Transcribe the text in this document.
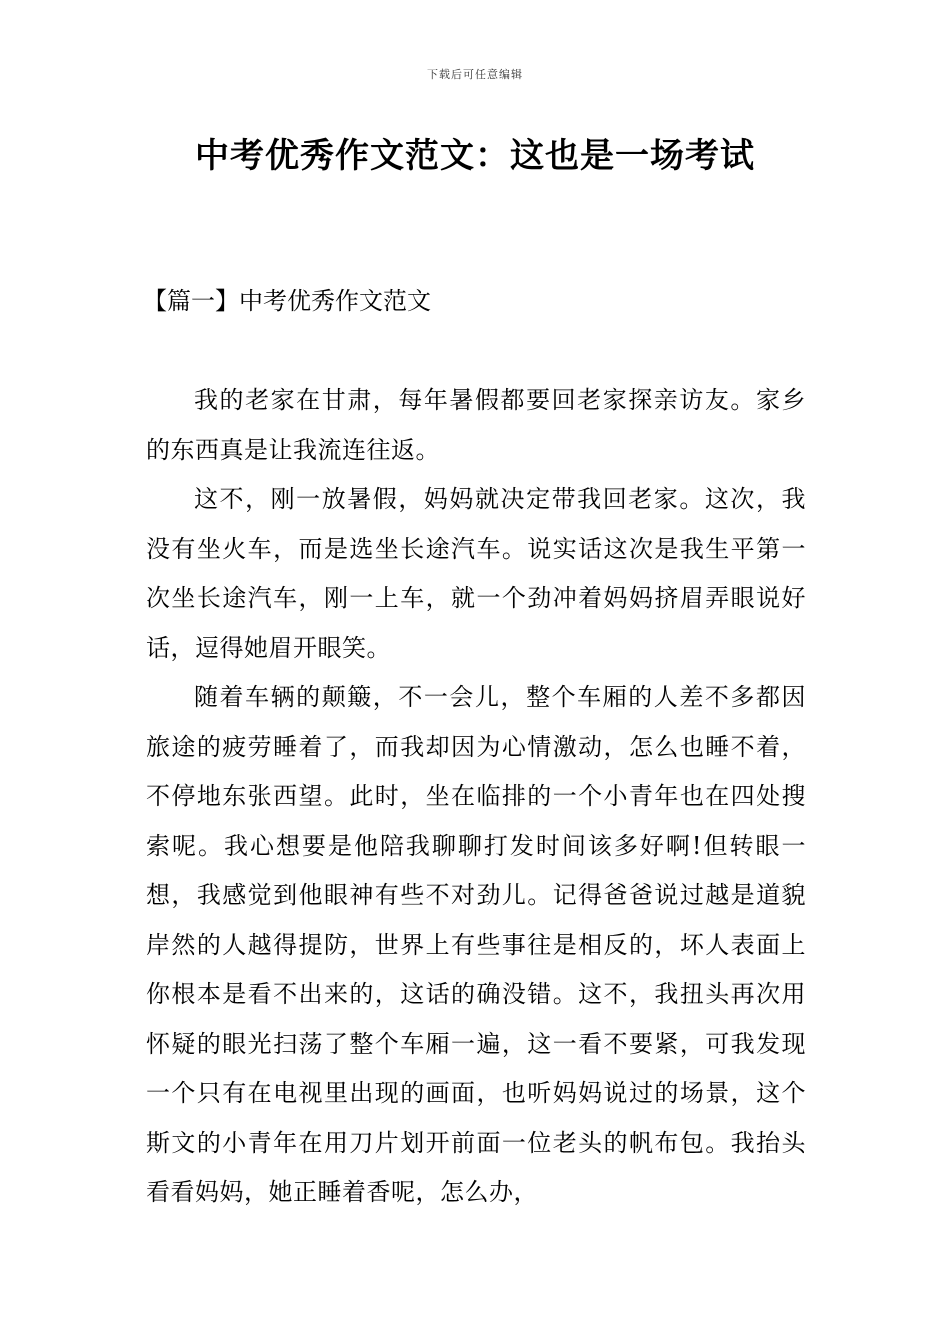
下载后可任意编辑
中考优秀作文范文：这也是一场考试
【篇一】中考优秀作文范文

我的老家在甘肃，每年暑假都要回老家探亲访友。家乡的东西真是让我流连往返。

这不，刚一放暑假，妈妈就决定带我回老家。这次，我没有坐火车，而是选坐长途汽车。说实话这次是我生平第一次坐长途汽车，刚一上车，就一个劲冲着妈妈挤眉弄眼说好话，逗得她眉开眼笑。

随着车辆的颠簸，不一会儿，整个车厢的人差不多都因旅途的疲劳睡着了，而我却因为心情激动，怎么也睡不着，不停地东张西望。此时，坐在临排的一个小青年也在四处搜索呢。我心想要是他陪我聊聊打发时间该多好啊!但转眼一想，我感觉到他眼神有些不对劲儿。记得爸爸说过越是道貌岸然的人越得提防，世界上有些事往是相反的，坏人表面上你根本是看不出来的，这话的确没错。这不，我扭头再次用怀疑的眼光扫荡了整个车厢一遍，这一看不要紧，可我发现一个只有在电视里出现的画面，也听妈妈说过的场景，这个斯文的小青年在用刀片划开前面一位老头的帆布包。我抬头看看妈妈，她正睡着香呢，怎么办，
